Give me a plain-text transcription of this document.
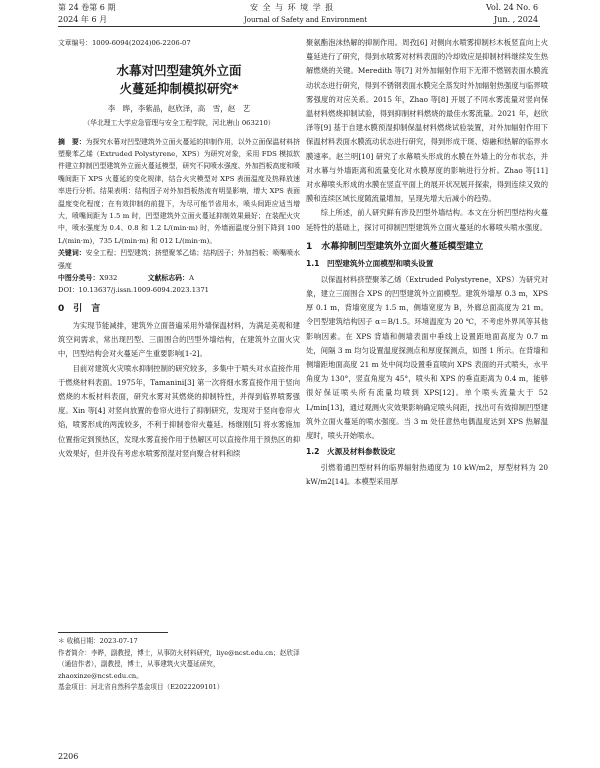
第 24 卷第 6 期
2024 年 6 月
安 全 与 环 境 学 报
Journal of Safety and Environment
Vol. 24 No. 6
Jun. , 2024

文章编号：1009-6094(2024)06-2206-07

水幕对凹型建筑外立面
火蔓延抑制模拟研究*
李　晔，李紫晶，赵欣泽，高　雪，赵　艺
（华北理工大学应急管理与安全工程学院，河北唐山 063210）

摘　要：为探究水幕对凹型建筑外立面火蔓延的抑制作用，以外立面保温材料挤塑聚苯乙烯（Extruded Polystyrene，XPS）为研究对象，采用 FDS 模拟软件建立抑制凹型建筑外立面火蔓延模型，研究不同喷水强度、外加挡板高度和喷嘴间距下 XPS 火蔓延的变化规律，结合火灾模型对 XPS 表面温度及热释放速率进行分析。结果表明：结构因子对外加挡板热流有明显影响，增大 XPS 表面温度变化程度；在有效抑制的前提下，为尽可能节省用水，喷头间距应适当增大，喷嘴间距为 1.5 m 时，凹型建筑外立面火蔓延抑制效果最好；在装配火灾中，喷水强度为 0.4、0.8 和 1.2 L/(min·m) 时，外墙面温度分别下降到 100 L/(min·m)，735 L/(min·m) 和 012 L/(min·m)。

关键词：安全工程；凹型建筑；挤塑聚苯乙烯；结构因子；外加挡板；喷嘴喷水强度

中图分类号：X932	文献标志码：A

DOI：10.13637/j.issn.1009-6094.2023.1371

0　引　言

为实现节能减排，建筑外立面普遍采用外墙保温材料，为满足美观和建筑空间需求，常出现凹型、三面围合的凹型外墙结构，在建筑外立面火灾中，凹型结构会对火蔓延产生重要影响[1-2]。

目前对建筑火灾喷水抑制控制的研究较多，多集中于喷头对水直接作用于燃烧材料表面。1975年，Tamanini[3] 第一次将细水雾直接作用于竖向燃烧的木板材料表面，研究水雾对其燃烧的抑制特性，并得到临界喷雾强度。Xin 等[4] 对竖向放置的卷帘火进行了抑制研究，发现对于竖向卷帘火焰，喷雾形成的两流较多，不利于抑制卷帘火蔓延。杨继刚[5] 将水雾施加位置指定到预热区，发现水雾直接作用于热解区可以直接作用于预热区的抑火效果好，但并没有考虑水喷雾预湿对竖向聚合材料和续

＊ 收稿日期：2023-07-17
作者简介：李晔，副教授，博士，从事防火材料研究，liye@ncst.edu.cn；赵欣泽（通信作者），副教授，博士，从事建筑火灾蔓延研究，zhaoxinze@ncst.edu.cn。
基金项目：河北省自然科学基金项目（E2022209101）

聚氨酯泡沫热解的抑制作用。周孜[6] 对侧向水喷雾抑制杉木板竖直向上火蔓延进行了研究，得到水喷雾对材料表面的冷却效应是抑制材料继续发生热解燃烧的关键。Meredith 等[7] 对外加辐射作用下无滞不燃钢表面水膜流动状态进行研究，得到不锈钢表面水膜完全蒸发时外加辐射热强度与临界喷雾强度的对应关系。2015 年，Zhao 等[8] 开展了不同水雾流量对竖向保温材料燃烧抑制试验，得到抑制材料燃烧的最佳水雾流量。2021 年，赵欣泽等[9] 基于自建水膜预湿抑制保温材料燃烧试验装置，对外加辐射作用下保温材料表面水膜流动状态进行研究，得到形成干斑、熔融和热解的临界水膜速率。赵兰明[10] 研究了水幕喷头形成的水膜在外墙上的分布状态，并对水幕与外墙距离和流量变化对水膜厚度的影响进行分析。Zhao 等[11] 对水幕喷头形成的水膜在竖直平面上的展开状况展开探索，得到连续又致的膜和连续区域长度随流量增加，呈现先增大后减小的趋势。

综上所述，前人研究鲜有涉及凹型外墙结构。本文在分析凹型结构火蔓延特性的基础上，探讨可抑制凹型建筑外立面火蔓延的水幕喷头喷水强度。

1　水幕抑制凹型建筑外立面火蔓延模型建立
1.1　凹型建筑外立面模型和喷头设置

以保温材料挤塑聚苯乙烯（Extruded Polystyrene，XPS）为研究对象，建立三面围合 XPS 的凹型建筑外立面模型。建筑外墙厚 0.3 m，XPS 厚 0.1 m，背墙宽度为 1.5 m，侧墙宽度为 B，外廊总面高度为 21 m。令凹型建筑结构因子 α＝B/1.5。环境温度为 20 ℃，不考虑外界风等其他影响因素。在 XPS 背墙和侧墙表面中垂线上设置距地面高度为 0.7 m 处，间隔 3 m 均匀设置温度探测点和厚度探测点，如图 1 所示。在背墙和侧墙距地面高度 21 m 处中间均设置垂直喷向 XPS 表面的开式喷头，水平角度为 130°，竖直角度为 45°，喷头和 XPS 的垂直距离为 0.4 m，能够很好保证喷头所有流量均喷到 XPS[12]。单个喷头流量大于 52 L/min[13]，通过观测火灾效果影响确定喷头间距，找出可有效抑制凹型建筑外立面火蔓延的喷水强度。当 3 m 处任意热电偶温度达到 XPS 热解温度时，喷头开始喷水。

1.2　火源及材料参数设定

引燃着通凹型材料的临界辐射热通度为 10 kW/m2，厚型材料为 20 kW/m2[14]。本模型采用厚

2206
